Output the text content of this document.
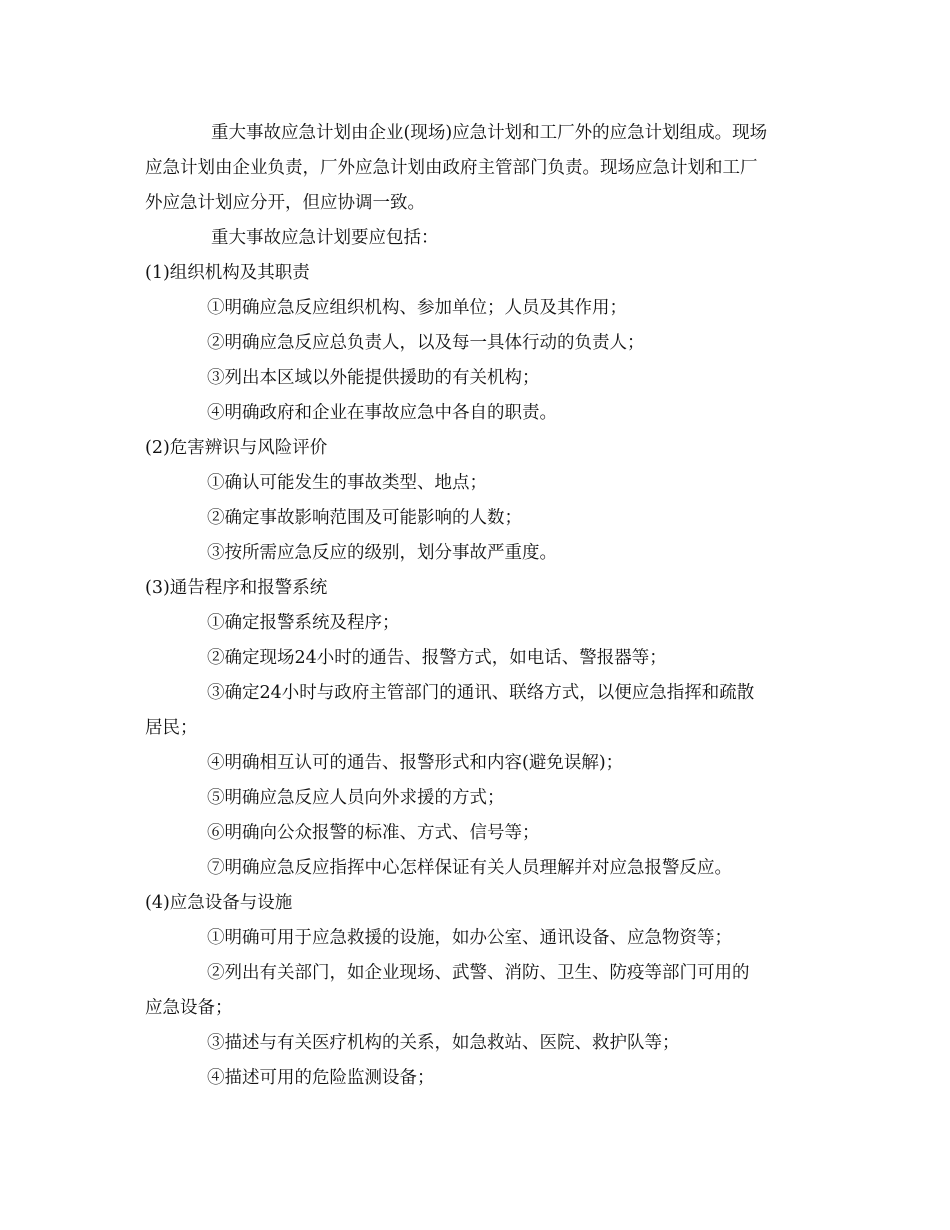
重大事故应急计划由企业(现场)应急计划和工厂外的应急计划组成。现场

应急计划由企业负责，厂外应急计划由政府主管部门负责。现场应急计划和工厂

外应急计划应分开，但应协调一致。

重大事故应急计划要应包括：

(1)组织机构及其职责

①明确应急反应组织机构、参加单位；人员及其作用；

②明确应急反应总负责人，以及每一具体行动的负责人；

③列出本区域以外能提供援助的有关机构；

④明确政府和企业在事故应急中各自的职责。

(2)危害辨识与风险评价

①确认可能发生的事故类型、地点；

②确定事故影响范围及可能影响的人数；

③按所需应急反应的级别，划分事故严重度。

(3)通告程序和报警系统

①确定报警系统及程序；

②确定现场24小时的通告、报警方式，如电话、警报器等；

③确定24小时与政府主管部门的通讯、联络方式，以便应急指挥和疏散

居民；

④明确相互认可的通告、报警形式和内容(避免误解)；

⑤明确应急反应人员向外求援的方式；

⑥明确向公众报警的标准、方式、信号等；

⑦明确应急反应指挥中心怎样保证有关人员理解并对应急报警反应。

(4)应急设备与设施

①明确可用于应急救援的设施，如办公室、通讯设备、应急物资等；

②列出有关部门，如企业现场、武警、消防、卫生、防疫等部门可用的

应急设备；

③描述与有关医疗机构的关系，如急救站、医院、救护队等；

④描述可用的危险监测设备；
